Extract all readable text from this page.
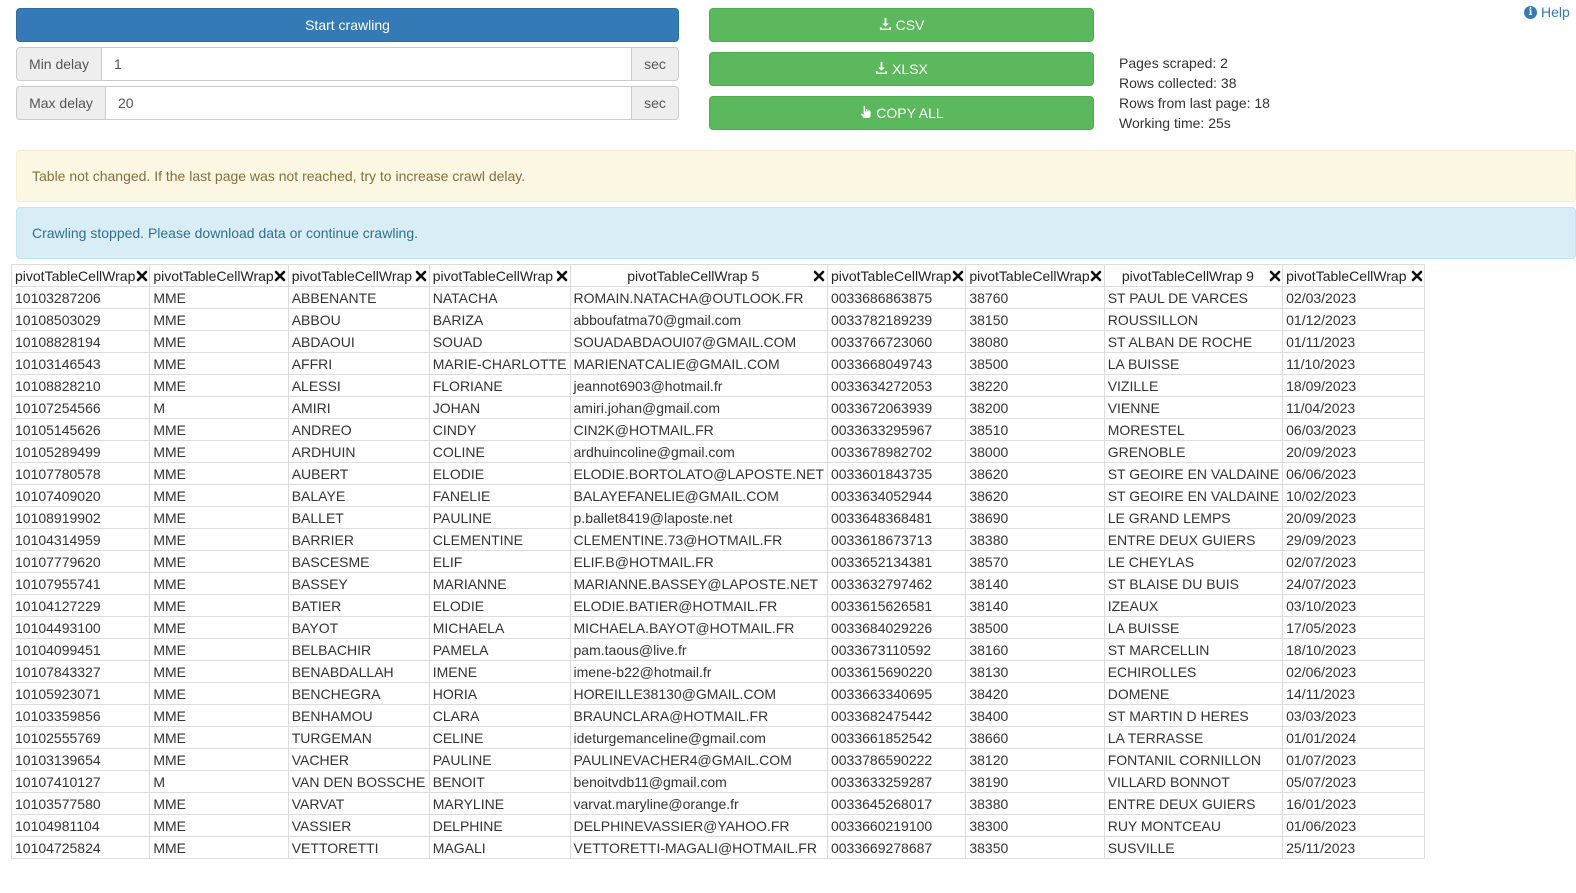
Start crawling
Min delay	1	sec
Max delay	20	sec
CSV
XLSX
COPY ALL
Pages scraped: 2
Rows collected: 38
Rows from last page: 18
Working time: 25s
i Help
Table not changed. If the last page was not reached, try to increase crawl delay.
Crawling stopped. Please download data or continue crawling.
pivotTableCellWrap	pivotTableCellWrap	pivotTableCellWrap	pivotTableCellWrap	pivotTableCellWrap 5	pivotTableCellWrap	pivotTableCellWrap	pivotTableCellWrap 9	pivotTableCellWrap

10103287206	MME	ABBENANTE	NATACHA	ROMAIN.NATACHA@OUTLOOK.FR	0033686863875	38760	ST PAUL DE VARCES	02/03/2023
10108503029	MME	ABBOU	BARIZA	abboufatma70@gmail.com	0033782189239	38150	ROUSSILLON	01/12/2023
10108828194	MME	ABDAOUI	SOUAD	SOUADABDAOUI07@GMAIL.COM	0033766723060	38080	ST ALBAN DE ROCHE	01/11/2023
10103146543	MME	AFFRI	MARIE-CHARLOTTE	MARIENATCALIE@GMAIL.COM	0033668049743	38500	LA BUISSE	11/10/2023
10108828210	MME	ALESSI	FLORIANE	jeannot6903@hotmail.fr	0033634272053	38220	VIZILLE	18/09/2023
10107254566	M	AMIRI	JOHAN	amiri.johan@gmail.com	0033672063939	38200	VIENNE	11/04/2023
10105145626	MME	ANDREO	CINDY	CIN2K@HOTMAIL.FR	0033633295967	38510	MORESTEL	06/03/2023
10105289499	MME	ARDHUIN	COLINE	ardhuincoline@gmail.com	0033678982702	38000	GRENOBLE	20/09/2023
10107780578	MME	AUBERT	ELODIE	ELODIE.BORTOLATO@LAPOSTE.NET	0033601843735	38620	ST GEOIRE EN VALDAINE	06/06/2023
10107409020	MME	BALAYE	FANELIE	BALAYEFANELIE@GMAIL.COM	0033634052944	38620	ST GEOIRE EN VALDAINE	10/02/2023
10108919902	MME	BALLET	PAULINE	p.ballet8419@laposte.net	0033648368481	38690	LE GRAND LEMPS	20/09/2023
10104314959	MME	BARRIER	CLEMENTINE	CLEMENTINE.73@HOTMAIL.FR	0033618673713	38380	ENTRE DEUX GUIERS	29/09/2023
10107779620	MME	BASCESME	ELIF	ELIF.B@HOTMAIL.FR	0033652134381	38570	LE CHEYLAS	02/07/2023
10107955741	MME	BASSEY	MARIANNE	MARIANNE.BASSEY@LAPOSTE.NET	0033632797462	38140	ST BLAISE DU BUIS	24/07/2023
10104127229	MME	BATIER	ELODIE	ELODIE.BATIER@HOTMAIL.FR	0033615626581	38140	IZEAUX	03/10/2023
10104493100	MME	BAYOT	MICHAELA	MICHAELA.BAYOT@HOTMAIL.FR	0033684029226	38500	LA BUISSE	17/05/2023
10104099451	MME	BELBACHIR	PAMELA	pam.taous@live.fr	0033673110592	38160	ST MARCELLIN	18/10/2023
10107843327	MME	BENABDALLAH	IMENE	imene-b22@hotmail.fr	0033615690220	38130	ECHIROLLES	02/06/2023
10105923071	MME	BENCHEGRA	HORIA	HOREILLE38130@GMAIL.COM	0033663340695	38420	DOMENE	14/11/2023
10103359856	MME	BENHAMOU	CLARA	BRAUNCLARA@HOTMAIL.FR	0033682475442	38400	ST MARTIN D HERES	03/03/2023
10102555769	MME	TURGEMAN	CELINE	ideturgemanceline@gmail.com	0033661852542	38660	LA TERRASSE	01/01/2024
10103139654	MME	VACHER	PAULINE	PAULINEVACHER4@GMAIL.COM	0033786590222	38120	FONTANIL CORNILLON	01/07/2023
10107410127	M	VAN DEN BOSSCHE	BENOIT	benoitvdb11@gmail.com	0033633259287	38190	VILLARD BONNOT	05/07/2023
10103577580	MME	VARVAT	MARYLINE	varvat.maryline@orange.fr	0033645268017	38380	ENTRE DEUX GUIERS	16/01/2023
10104981104	MME	VASSIER	DELPHINE	DELPHINEVASSIER@YAHOO.FR	0033660219100	38300	RUY MONTCEAU	01/06/2023
10104725824	MME	VETTORETTI	MAGALI	VETTORETTI-MAGALI@HOTMAIL.FR	0033669278687	38350	SUSVILLE	25/11/2023
